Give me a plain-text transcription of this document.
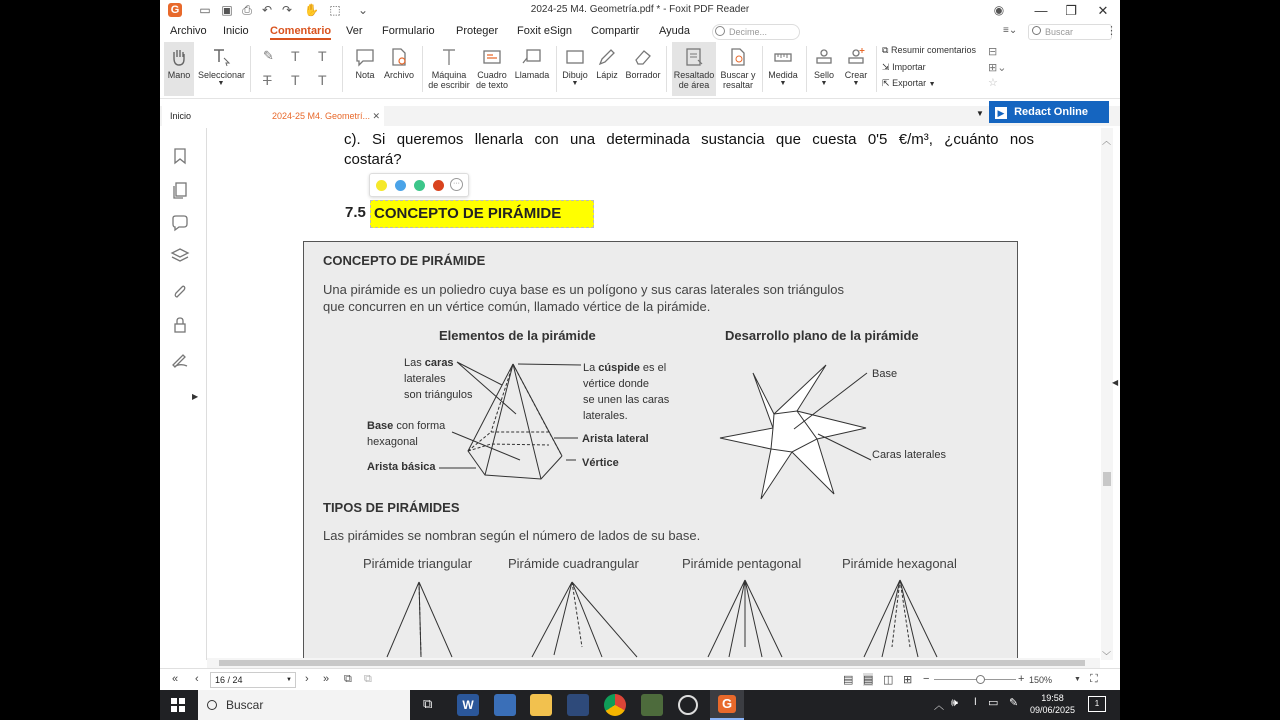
G ▭ ▣ ⎙ ↶ ↷ ✋ ⬚ ⌄	2024-25 M4. Geometría.pdf * - Foxit PDF Reader	◉	—	❐	✕
Archivo Inicio Comentario Ver Formulario Proteger Foxit eSign Compartir Ayuda	Decime...	≡⌄	Buscar	⋮
Mano Seleccionar
▼
✎ T T
T T T	Nota	Archivo	Máquina
de escribir
Cuadro
de texto
Llamada	Dibujo
▼
Lápiz Borrador Resaltado
de área
Buscar y
resaltar
Medida
▼
Sello
▼
Crear
▼
⧉ Resumir comentarios
⇲ Importar
⇱ Exportar ▼
⊟
⊞⌄
☆
Inicio	2024-25 M4. Geometrí... ✕	▼	▶ Redact Online
▶
c). Si queremos llenarla con una determinada sustancia que cuesta 0'5 €/m³, ¿cuánto nos
costará?
···
7.5 CONCEPTO DE PIRÁMIDE
CONCEPTO DE PIRÁMIDE
Una pirámide es un poliedro cuya base es un polígono y sus caras laterales son triángulos
que concurren en un vértice común, llamado vértice de la pirámide.
Elementos de la pirámide	Desarrollo plano de la pirámide
Las caras
laterales
son triángulos
La cúspide es el
vértice donde
se unen las caras
laterales.
Base con forma
hexagonal	Arista lateral
Arista básica	Vértice
Base
Caras laterales
TIPOS DE PIRÁMIDES
Las pirámides se nombran según el número de lados de su base.
Pirámide triangular	Pirámide cuadrangular	Pirámide pentagonal	Pirámide hexagonal
︿
﹀
◀
« ‹	16 / 24	▼ › » ⧉ ⧉	▤ ▤ ◫ ⊞ −	+ 150%	▼ ⛶
Buscar	⧉	W	G	︿ 🕪 ⏽ ▭ ✎	19:58
09/06/2025
1
